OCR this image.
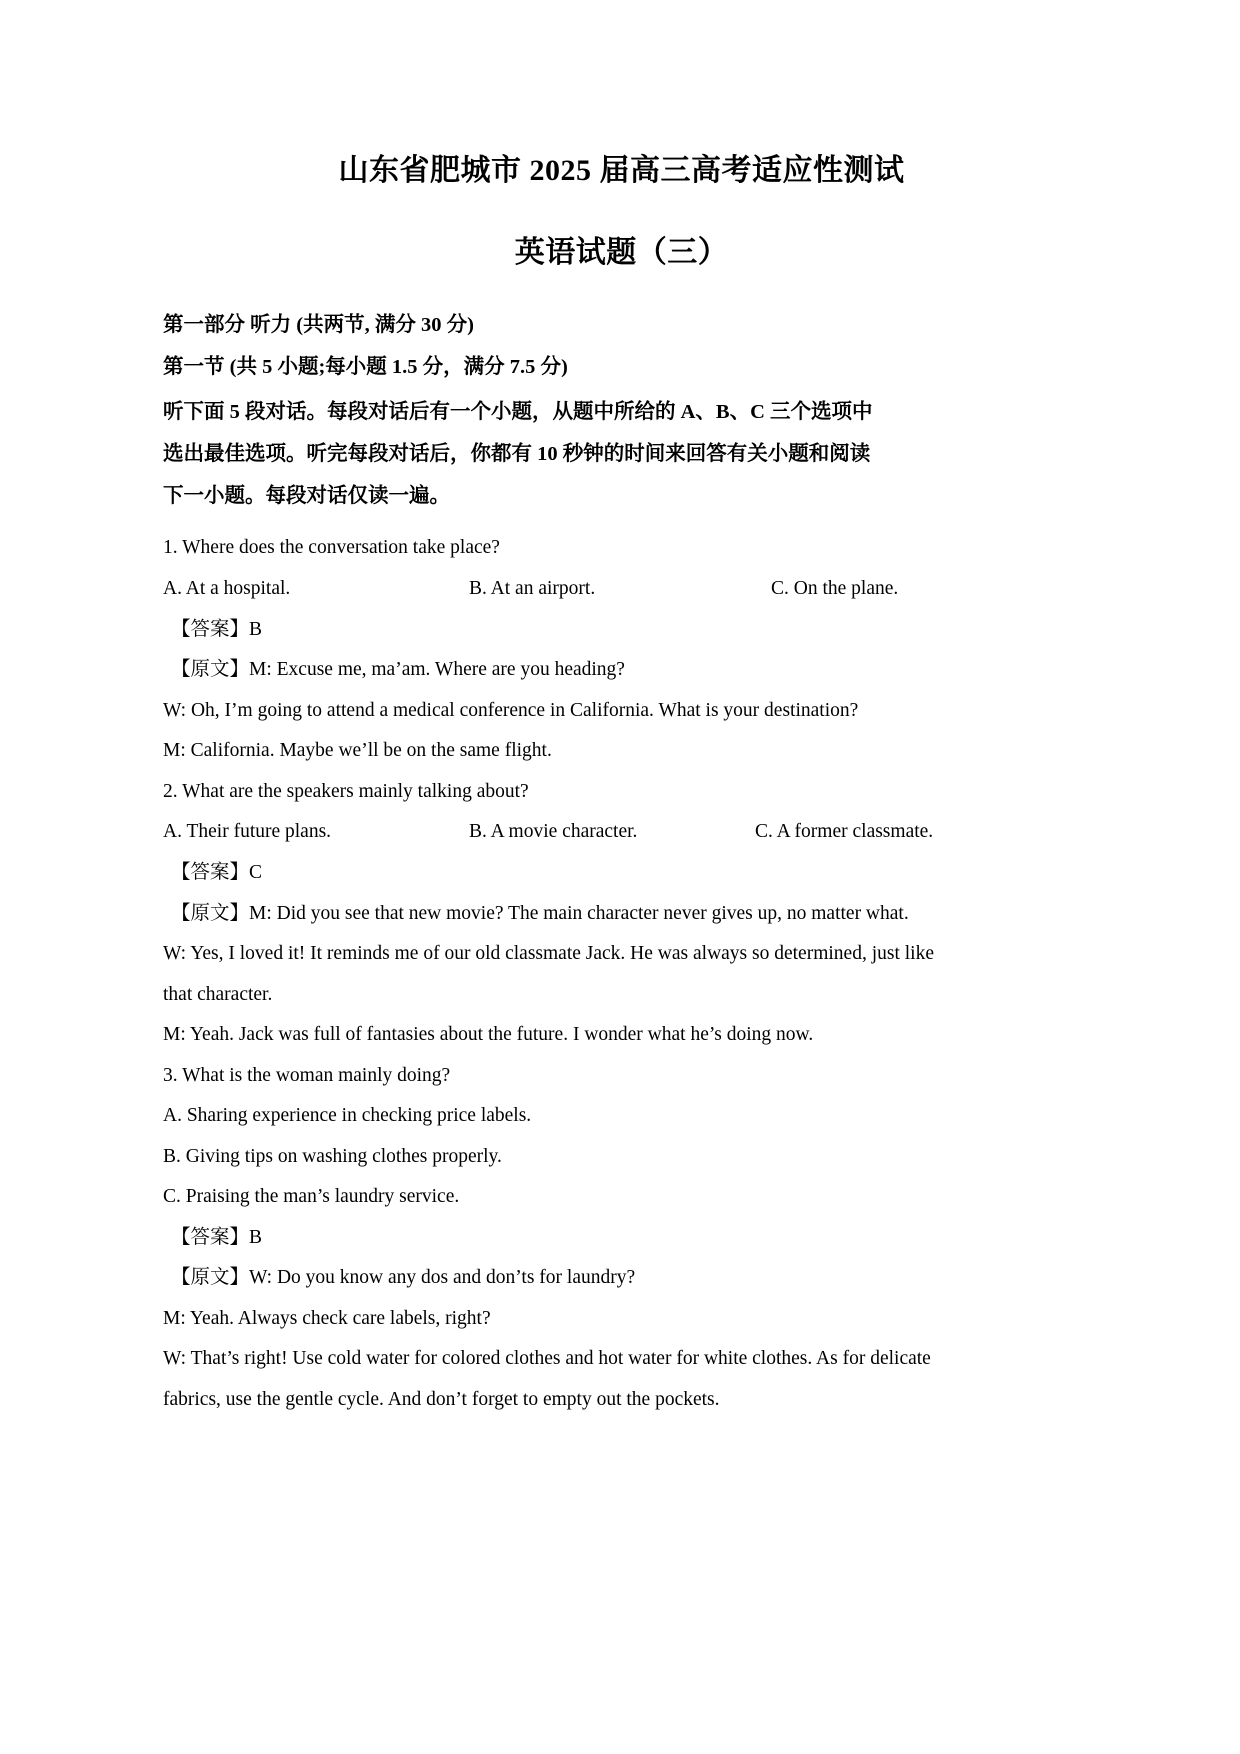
山东省肥城市 2025 届高三高考适应性测试
英语试题（三）

第一部分 听力 (共两节, 满分 30 分)

第一节 (共 5 小题;每小题 1.5 分，满分 7.5 分)

听下面 5 段对话。每段对话后有一个小题，从题中所给的 A、B、C 三个选项中
选出最佳选项。听完每段对话后，你都有 10 秒钟的时间来回答有关小题和阅读
下一小题。每段对话仅读一遍。

1. Where does the conversation take place?

A. At a hospital.	B. At an airport.	C. On the plane.

【答案】B

【原文】M: Excuse me, ma’am. Where are you heading?

W: Oh, I’m going to attend a medical conference in California. What is your destination?

M: California. Maybe we’ll be on the same flight.

2. What are the speakers mainly talking about?

A. Their future plans.	B. A movie character.	C. A former classmate.

【答案】C

【原文】M: Did you see that new movie? The main character never gives up, no matter what.

W: Yes, I loved it! It reminds me of our old classmate Jack. He was always so determined, just like

that character.

M: Yeah. Jack was full of fantasies about the future. I wonder what he’s doing now.

3. What is the woman mainly doing?

A. Sharing experience in checking price labels.

B. Giving tips on washing clothes properly.

C. Praising the man’s laundry service.

【答案】B

【原文】W: Do you know any dos and don’ts for laundry?

M: Yeah. Always check care labels, right?

W: That’s right! Use cold water for colored clothes and hot water for white clothes. As for delicate

fabrics, use the gentle cycle. And don’t forget to empty out the pockets.
